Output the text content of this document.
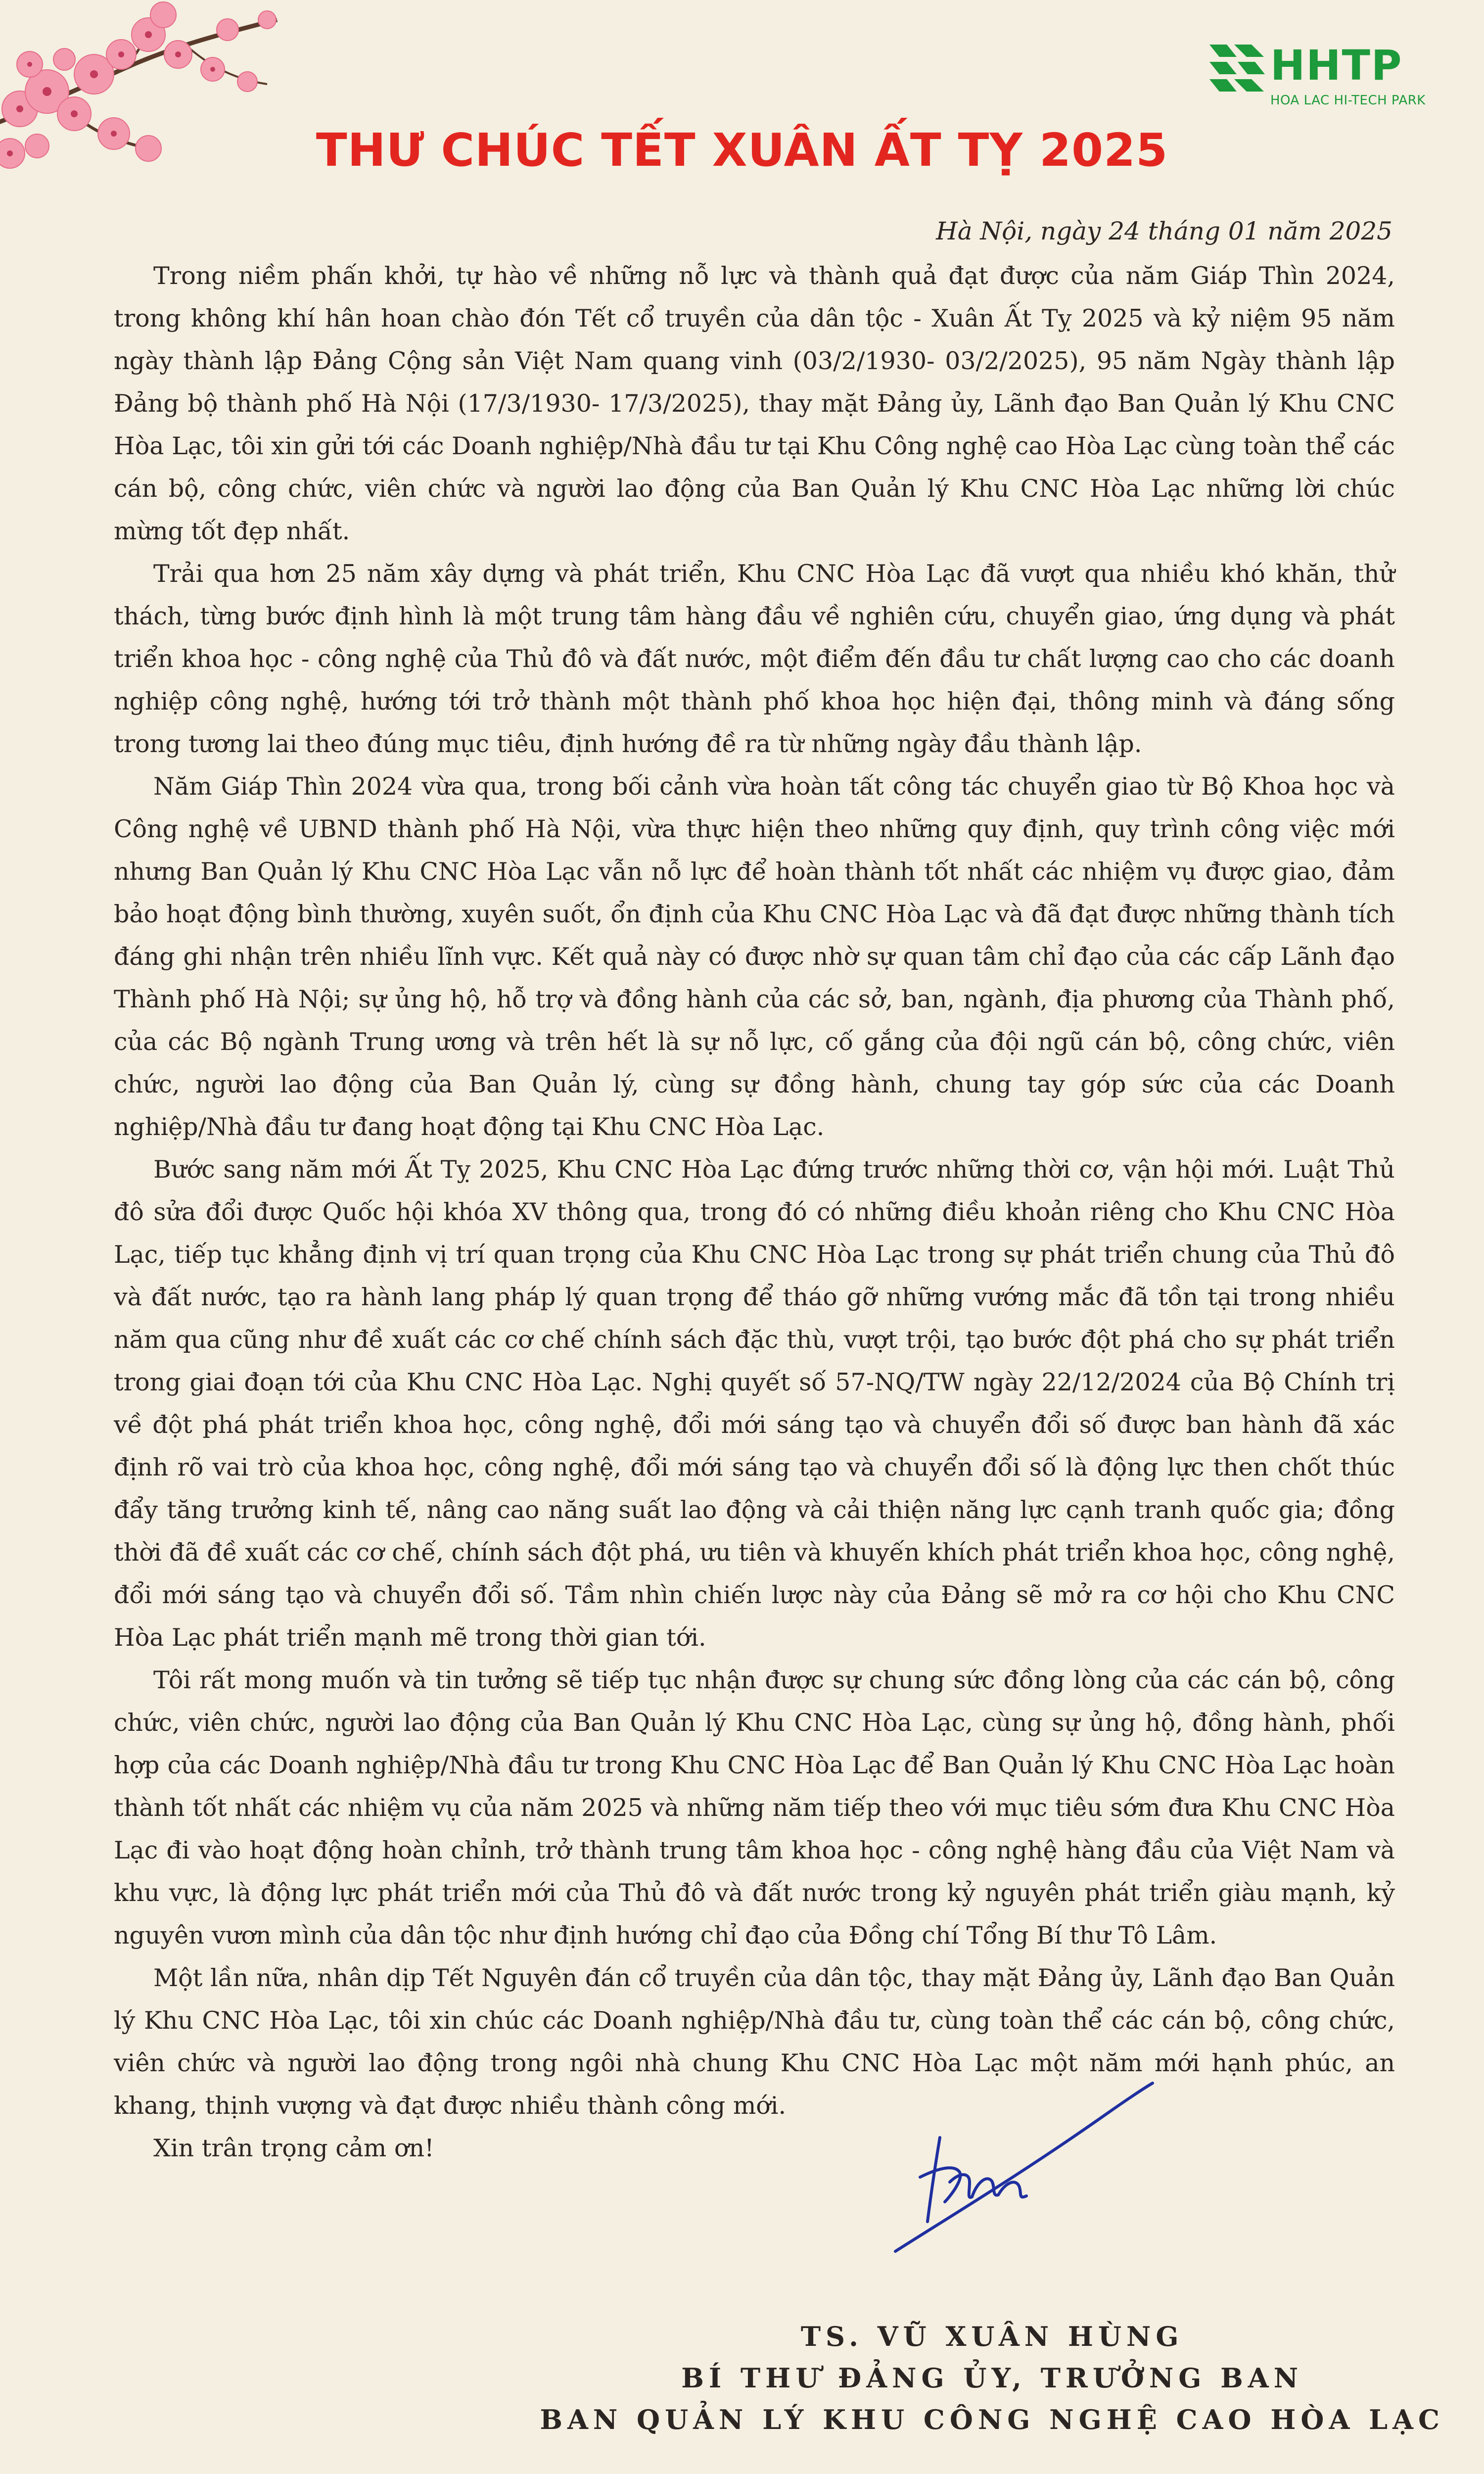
HHTP
HOA LAC HI-TECH PARK
THƯ CHÚC TẾT XUÂN ẤT TỴ 2025
Hà Nội, ngày 24 tháng 01 năm 2025

Trong niềm phấn khởi, tự hào về những nỗ lực và thành quả đạt được của năm Giáp Thìn 2024, trong không khí hân hoan chào đón Tết cổ truyền của dân tộc - Xuân Ất Tỵ 2025 và kỷ niệm 95 năm ngày thành lập Đảng Cộng sản Việt Nam quang vinh (03/2/1930- 03/2/2025), 95 năm Ngày thành lập Đảng bộ thành phố Hà Nội (17/3/1930- 17/3/2025), thay mặt Đảng ủy, Lãnh đạo Ban Quản lý Khu CNC Hòa Lạc, tôi xin gửi tới các Doanh nghiệp/Nhà đầu tư tại Khu Công nghệ cao Hòa Lạc cùng toàn thể các cán bộ, công chức, viên chức và người lao động của Ban Quản lý Khu CNC Hòa Lạc những lời chúc mừng tốt đẹp nhất.

Trải qua hơn 25 năm xây dựng và phát triển, Khu CNC Hòa Lạc đã vượt qua nhiều khó khăn, thử thách, từng bước định hình là một trung tâm hàng đầu về nghiên cứu, chuyển giao, ứng dụng và phát triển khoa học - công nghệ của Thủ đô và đất nước, một điểm đến đầu tư chất lượng cao cho các doanh nghiệp công nghệ, hướng tới trở thành một thành phố khoa học hiện đại, thông minh và đáng sống trong tương lai theo đúng mục tiêu, định hướng đề ra từ những ngày đầu thành lập.

Năm Giáp Thìn 2024 vừa qua, trong bối cảnh vừa hoàn tất công tác chuyển giao từ Bộ Khoa học và Công nghệ về UBND thành phố Hà Nội, vừa thực hiện theo những quy định, quy trình công việc mới nhưng Ban Quản lý Khu CNC Hòa Lạc vẫn nỗ lực để hoàn thành tốt nhất các nhiệm vụ được giao, đảm bảo hoạt động bình thường, xuyên suốt, ổn định của Khu CNC Hòa Lạc và đã đạt được những thành tích đáng ghi nhận trên nhiều lĩnh vực. Kết quả này có được nhờ sự quan tâm chỉ đạo của các cấp Lãnh đạo Thành phố Hà Nội; sự ủng hộ, hỗ trợ và đồng hành của các sở, ban, ngành, địa phương của Thành phố, của các Bộ ngành Trung ương và trên hết là sự nỗ lực, cố gắng của đội ngũ cán bộ, công chức, viên chức, người lao động của Ban Quản lý, cùng sự đồng hành, chung tay góp sức của các Doanh nghiệp/Nhà đầu tư đang hoạt động tại Khu CNC Hòa Lạc.

Bước sang năm mới Ất Tỵ 2025, Khu CNC Hòa Lạc đứng trước những thời cơ, vận hội mới. Luật Thủ đô sửa đổi được Quốc hội khóa XV thông qua, trong đó có những điều khoản riêng cho Khu CNC Hòa Lạc, tiếp tục khẳng định vị trí quan trọng của Khu CNC Hòa Lạc trong sự phát triển chung của Thủ đô và đất nước, tạo ra hành lang pháp lý quan trọng để tháo gỡ những vướng mắc đã tồn tại trong nhiều năm qua cũng như đề xuất các cơ chế chính sách đặc thù, vượt trội, tạo bước đột phá cho sự phát triển trong giai đoạn tới của Khu CNC Hòa Lạc. Nghị quyết số 57-NQ/TW ngày 22/12/2024 của Bộ Chính trị về đột phá phát triển khoa học, công nghệ, đổi mới sáng tạo và chuyển đổi số được ban hành đã xác định rõ vai trò của khoa học, công nghệ, đổi mới sáng tạo và chuyển đổi số là động lực then chốt thúc đẩy tăng trưởng kinh tế, nâng cao năng suất lao động và cải thiện năng lực cạnh tranh quốc gia; đồng thời đã đề xuất các cơ chế, chính sách đột phá, ưu tiên và khuyến khích phát triển khoa học, công nghệ, đổi mới sáng tạo và chuyển đổi số. Tầm nhìn chiến lược này của Đảng sẽ mở ra cơ hội cho Khu CNC Hòa Lạc phát triển mạnh mẽ trong thời gian tới.

Tôi rất mong muốn và tin tưởng sẽ tiếp tục nhận được sự chung sức đồng lòng của các cán bộ, công chức, viên chức, người lao động của Ban Quản lý Khu CNC Hòa Lạc, cùng sự ủng hộ, đồng hành, phối hợp của các Doanh nghiệp/Nhà đầu tư trong Khu CNC Hòa Lạc để Ban Quản lý Khu CNC Hòa Lạc hoàn thành tốt nhất các nhiệm vụ của năm 2025 và những năm tiếp theo với mục tiêu sớm đưa Khu CNC Hòa Lạc đi vào hoạt động hoàn chỉnh, trở thành trung tâm khoa học - công nghệ hàng đầu của Việt Nam và khu vực, là động lực phát triển mới của Thủ đô và đất nước trong kỷ nguyên phát triển giàu mạnh, kỷ nguyên vươn mình của dân tộc như định hướng chỉ đạo của Đồng chí Tổng Bí thư Tô Lâm.

Một lần nữa, nhân dịp Tết Nguyên đán cổ truyền của dân tộc, thay mặt Đảng ủy, Lãnh đạo Ban Quản lý Khu CNC Hòa Lạc, tôi xin chúc các Doanh nghiệp/Nhà đầu tư, cùng toàn thể các cán bộ, công chức, viên chức và người lao động trong ngôi nhà chung Khu CNC Hòa Lạc một năm mới hạnh phúc, an khang, thịnh vượng và đạt được nhiều thành công mới.

Xin trân trọng cảm ơn!

TS. VŨ XUÂN HÙNG
BÍ THƯ ĐẢNG ỦY, TRƯỞNG BAN
BAN QUẢN LÝ KHU CÔNG NGHỆ CAO HÒA LẠC
